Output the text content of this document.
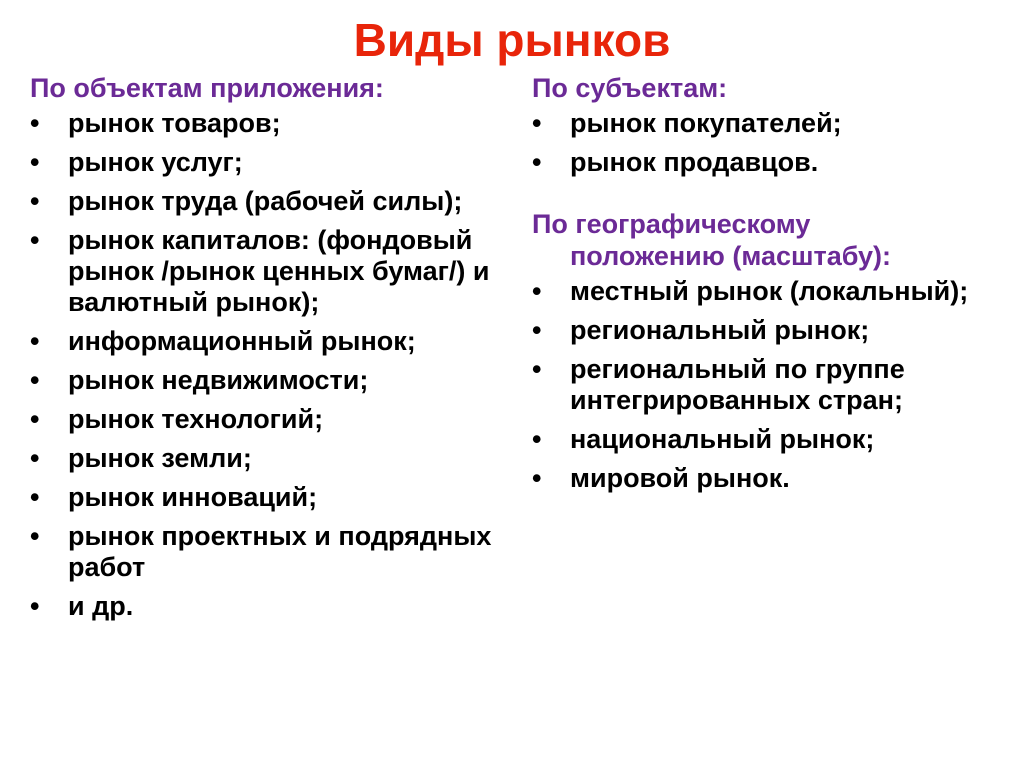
Виды рынков
По объектам приложения:
•	рынок товаров;
•	рынок услуг;
•	рынок труда (рабочей силы);
•	рынок капиталов: (фондовый рынок /рынок ценных бумаг/) и валютный рынок);
•	информационный рынок;
•	рынок недвижимости;
•	рынок технологий;
•	рынок земли;
•	рынок инноваций;
•	рынок проектных и подрядных работ
•	и др.
По субъектам:
•	рынок покупателей;
•	рынок продавцов.
По географическому
положению (масштабу):
•	местный рынок (локальный);
•	региональный рынок;
•	региональный по группе интегрированных стран;
•	национальный рынок;
•	мировой рынок.
